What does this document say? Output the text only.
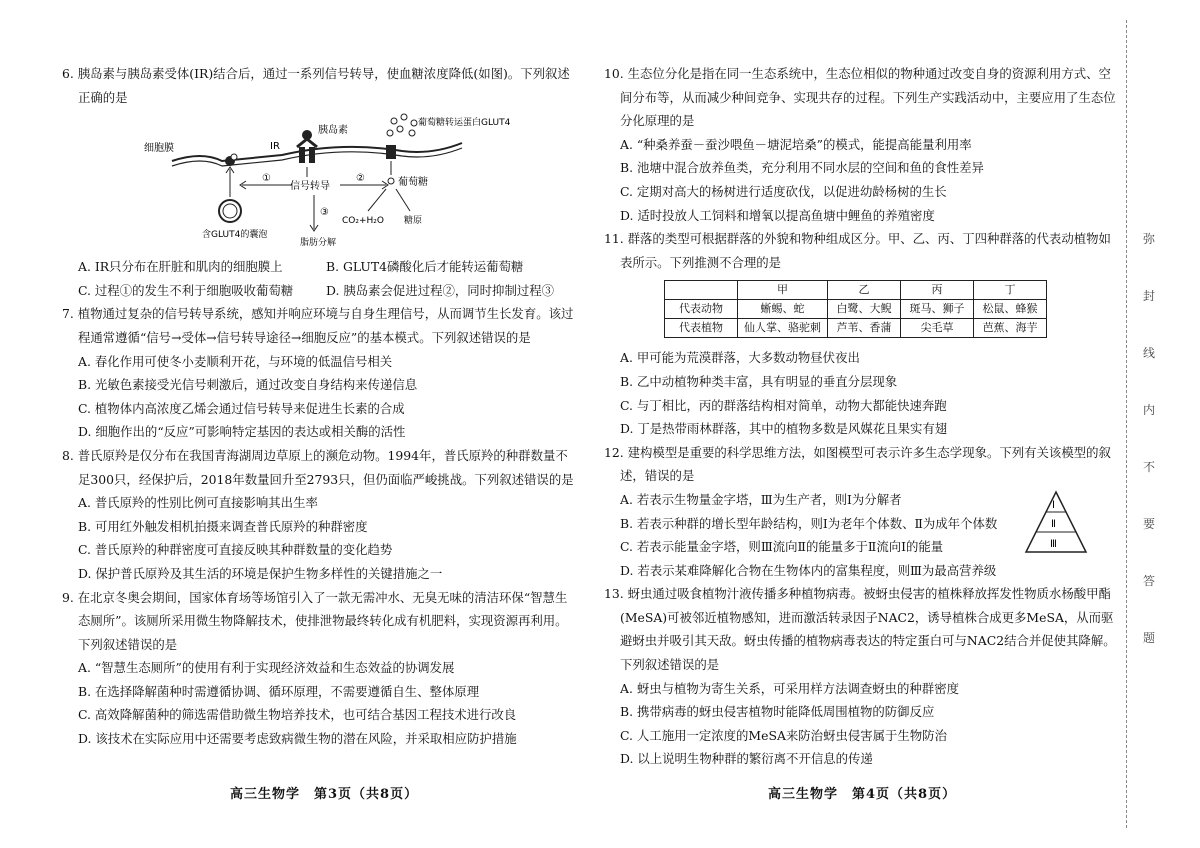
弥
封
线
内
不
要
答
题

6. 胰岛素与胰岛素受体(IR)结合后，通过一系列信号转导，使血糖浓度降低(如图)。下列叙述正确的是

细胞膜	IR
胰岛素
葡萄糖转运蛋白GLUT4
信号转导
①	②
③
葡萄糖
含GLUT4的囊泡
CO₂+H₂O 糖原
脂肪分解
A. IR只分布在肝脏和肌肉的细胞膜上	B. GLUT4磷酸化后才能转运葡萄糖
C. 过程①的发生不利于细胞吸收葡萄糖	D. 胰岛素会促进过程②，同时抑制过程③

7. 植物通过复杂的信号转导系统，感知并响应环境与自身生理信号，从而调节生长发育。该过程通常遵循“信号→受体→信号转导途径→细胞反应”的基本模式。下列叙述错误的是

A. 春化作用可使冬小麦顺利开花，与环境的低温信号相关

B. 光敏色素接受光信号刺激后，通过改变自身结构来传递信息

C. 植物体内高浓度乙烯会通过信号转导来促进生长素的合成

D. 细胞作出的“反应”可影响特定基因的表达或相关酶的活性

8. 普氏原羚是仅分布在我国青海湖周边草原上的濒危动物。1994年，普氏原羚的种群数量不足300只，经保护后，2018年数量回升至2793只，但仍面临严峻挑战。下列叙述错误的是

A. 普氏原羚的性别比例可直接影响其出生率

B. 可用红外触发相机拍摄来调查普氏原羚的种群密度

C. 普氏原羚的种群密度可直接反映其种群数量的变化趋势

D. 保护普氏原羚及其生活的环境是保护生物多样性的关键措施之一

9. 在北京冬奥会期间，国家体育场等场馆引入了一款无需冲水、无臭无味的清洁环保“智慧生态厕所”。该厕所采用微生物降解技术，使排泄物最终转化成有机肥料，实现资源再利用。下列叙述错误的是

A. “智慧生态厕所”的使用有利于实现经济效益和生态效益的协调发展

B. 在选择降解菌种时需遵循协调、循环原理，不需要遵循自生、整体原理

C. 高效降解菌种的筛选需借助微生物培养技术，也可结合基因工程技术进行改良

D. 该技术在实际应用中还需要考虑致病微生物的潜在风险，并采取相应防护措施

10. 生态位分化是指在同一生态系统中，生态位相似的物种通过改变自身的资源利用方式、空间分布等，从而减少种间竞争、实现共存的过程。下列生产实践活动中，主要应用了生态位分化原理的是

A. “种桑养蚕－蚕沙喂鱼－塘泥培桑”的模式，能提高能量利用率

B. 池塘中混合放养鱼类，充分利用不同水层的空间和鱼的食性差异

C. 定期对高大的杨树进行适度砍伐，以促进幼龄杨树的生长

D. 适时投放人工饲料和增氧以提高鱼塘中鲤鱼的养殖密度

11. 群落的类型可根据群落的外貌和物种组成区分。甲、乙、丙、丁四种群落的代表动植物如表所示。下列推测不合理的是

	甲	乙	丙	丁
代表动物	蜥蜴、蛇	白鹭、大鲵	斑马、狮子	松鼠、蜂猴
代表植物	仙人掌、骆驼刺	芦苇、香蒲	尖毛草	芭蕉、海芋

A. 甲可能为荒漠群落，大多数动物昼伏夜出

B. 乙中动植物种类丰富，具有明显的垂直分层现象

C. 与丁相比，丙的群落结构相对简单，动物大都能快速奔跑

D. 丁是热带雨林群落，其中的植物多数是风媒花且果实有翅

12. 建构模型是重要的科学思维方法，如图模型可表示许多生态学现象。下列有关该模型的叙述，错误的是

Ⅰ
Ⅱ
Ⅲ

A. 若表示生物量金字塔，Ⅲ为生产者，则Ⅰ为分解者

B. 若表示种群的增长型年龄结构，则Ⅰ为老年个体数、Ⅱ为成年个体数

C. 若表示能量金字塔，则Ⅲ流向Ⅱ的能量多于Ⅱ流向Ⅰ的能量

D. 若表示某难降解化合物在生物体内的富集程度，则Ⅲ为最高营养级

13. 蚜虫通过吸食植物汁液传播多种植物病毒。被蚜虫侵害的植株释放挥发性物质水杨酸甲酯(MeSA)可被邻近植物感知，进而激活转录因子NAC2，诱导植株合成更多MeSA，从而驱避蚜虫并吸引其天敌。蚜虫传播的植物病毒表达的特定蛋白可与NAC2结合并促使其降解。下列叙述错误的是

A. 蚜虫与植物为寄生关系，可采用样方法调查蚜虫的种群密度

B. 携带病毒的蚜虫侵害植物时能降低周围植物的防御反应

C. 人工施用一定浓度的MeSA来防治蚜虫侵害属于生物防治

D. 以上说明生物种群的繁衍离不开信息的传递

高三生物学　第3页（共8页）	高三生物学　第4页（共8页）
